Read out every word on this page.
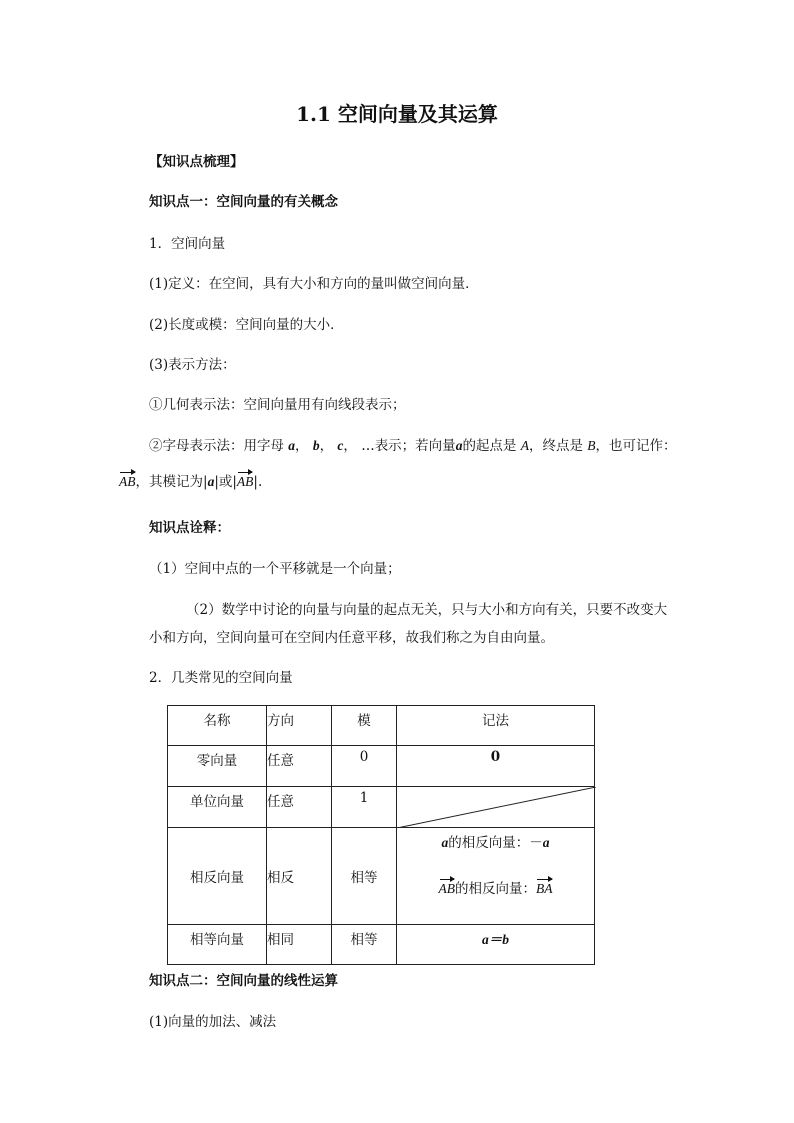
1.1 空间向量及其运算
【知识点梳理】
知识点一：空间向量的有关概念
1．空间向量
(1)定义：在空间，具有大小和方向的量叫做空间向量．
(2)长度或模：空间向量的大小．
(3)表示方法：
①几何表示法：空间向量用有向线段表示；
②字母表示法：用字母 a， b， c， …表示；若向量a的起点是 A，终点是 B，也可记作：
AB，其模记为|a|或|AB|.
知识点诠释：
（1）空间中点的一个平移就是一个向量；
（2）数学中讨论的向量与向量的起点无关，只与大小和方向有关，只要不改变大
小和方向，空间向量可在空间内任意平移，故我们称之为自由向量。
2．几类常见的空间向量
名称	方向	模	记法

零向量	任意	0	0

单位向量	任意	1

相反向量	相反	相等	a的相反向量：－a
AB的相反向量：BA

相等向量	相同	相等	a＝b
知识点二：空间向量的线性运算
(1)向量的加法、减法
